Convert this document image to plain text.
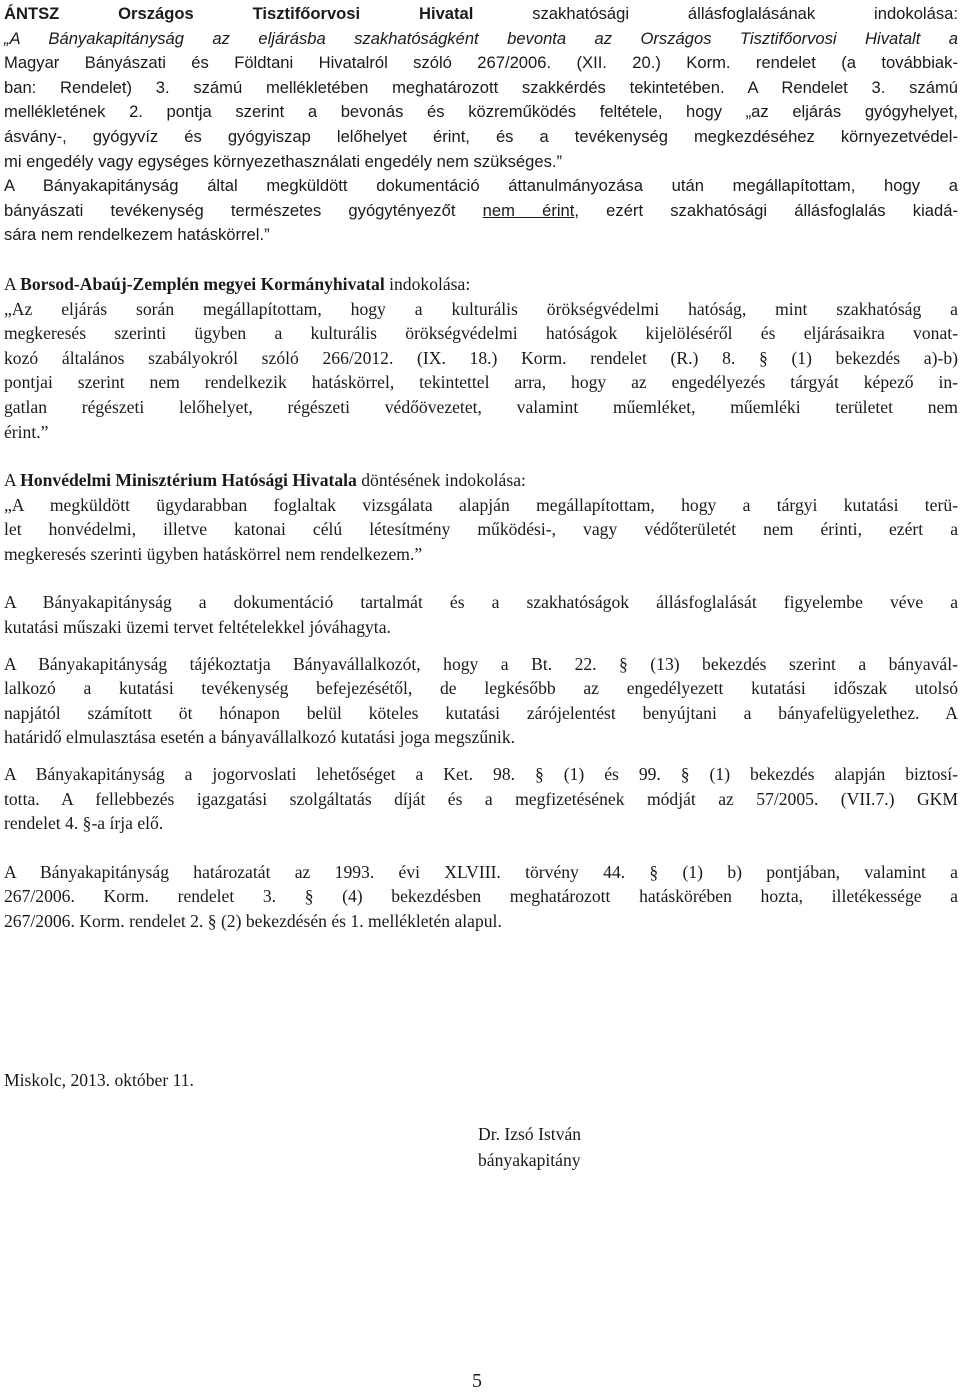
ÁNTSZ Országos Tisztifőorvosi Hivatal szakhatósági állásfoglalásának indokolása:
„A Bányakapitányság az eljárásba szakhatóságként bevonta az Országos Tisztifőorvosi Hivatalt a
Magyar Bányászati és Földtani Hivatalról szóló 267/2006. (XII. 20.) Korm. rendelet (a továbbiak-
ban: Rendelet) 3. számú mellékletében meghatározott szakkérdés tekintetében. A Rendelet 3. számú
mellékletének 2. pontja szerint a bevonás és közreműködés feltétele, hogy „az eljárás gyógyhelyet,
ásvány-, gyógyvíz és gyógyiszap lelőhelyet érint, és a tevékenység megkezdéséhez környezetvédel-
mi engedély vagy egységes környezethasználati engedély nem szükséges.”
A Bányakapitányság által megküldött dokumentáció áttanulmányozása után megállapítottam, hogy a
bányászati tevékenység természetes gyógytényezőt nem érint, ezért szakhatósági állásfoglalás kiadá-
sára nem rendelkezem hatáskörrel.”
A Borsod-Abaúj-Zemplén megyei Kormányhivatal indokolása:
„Az eljárás során megállapítottam, hogy a kulturális örökségvédelmi hatóság, mint szakhatóság a
megkeresés szerinti ügyben a kulturális örökségvédelmi hatóságok kijelöléséről és eljárásaikra vonat-
kozó általános szabályokról szóló 266/2012. (IX. 18.) Korm. rendelet (R.) 8. § (1) bekezdés a)-b)
pontjai szerint nem rendelkezik hatáskörrel, tekintettel arra, hogy az engedélyezés tárgyát képező in-
gatlan régészeti lelőhelyet, régészeti védőövezetet, valamint műemléket, műemléki területet nem
érint.”
A Honvédelmi Minisztérium Hatósági Hivatala döntésének indokolása:
„A megküldött ügydarabban foglaltak vizsgálata alapján megállapítottam, hogy a tárgyi kutatási terü-
let honvédelmi, illetve katonai célú létesítmény működési-, vagy védőterületét nem érinti, ezért a
megkeresés szerinti ügyben hatáskörrel nem rendelkezem.”
A Bányakapitányság a dokumentáció tartalmát és a szakhatóságok állásfoglalását figyelembe véve a
kutatási műszaki üzemi tervet feltételekkel jóváhagyta.
A Bányakapitányság tájékoztatja Bányavállalkozót, hogy a Bt. 22. § (13) bekezdés szerint a bányavál-
lalkozó a kutatási tevékenység befejezésétől, de legkésőbb az engedélyezett kutatási időszak utolsó
napjától számított öt hónapon belül köteles kutatási zárójelentést benyújtani a bányafelügyelethez. A
határidő elmulasztása esetén a bányavállalkozó kutatási joga megszűnik.
A Bányakapitányság a jogorvoslati lehetőséget a Ket. 98. § (1) és 99. § (1) bekezdés alapján biztosí-
totta. A fellebbezés igazgatási szolgáltatás díját és a megfizetésének módját az 57/2005. (VII.7.) GKM
rendelet 4. §-a írja elő.
A Bányakapitányság határozatát az 1993. évi XLVIII. törvény 44. § (1) b) pontjában, valamint a
267/2006. Korm. rendelet 3. § (4) bekezdésben meghatározott hatáskörében hozta, illetékessége a
267/2006. Korm. rendelet 2. § (2) bekezdésén és 1. mellékletén alapul.
Miskolc, 2013. október 11.
Dr. Izsó István
bányakapitány
5
